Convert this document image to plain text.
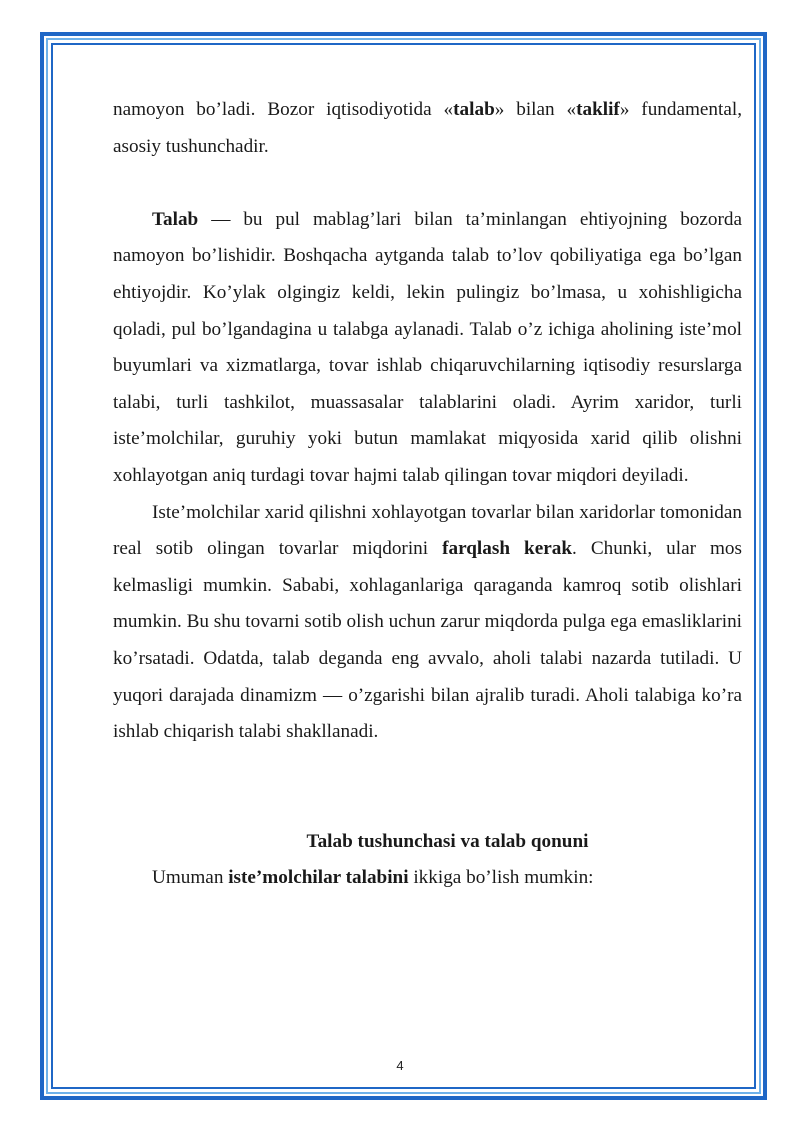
namoyon bo’ladi. Bozor iqtisodiyotida «talab» bilan «taklif» fundamental, asosiy tushunchadir.

Talab — bu pul mablag’lari bilan ta’minlangan ehtiyojning bozorda namoyon bo’lishidir. Boshqacha aytganda talab to’lov qobiliyatiga ega bo’lgan ehtiyojdir. Ko’ylak olgingiz keldi, lekin pulingiz bo’lmasa, u xohishligicha qoladi, pul bo’lgandagina u talabga aylanadi. Talab o’z ichiga aholining iste’mol buyumlari va xizmatlarga, tovar ishlab chiqaruvchilarning iqtisodiy resurslarga talabi, turli tashkilot, muassasalar talablarini oladi. Ayrim xaridor, turli iste’molchilar, guruhiy yoki butun mamlakat miqyosida xarid qilib olishni xohlayotgan aniq turdagi tovar hajmi talab qilingan tovar miqdori deyiladi.

Iste’molchilar xarid qilishni xohlayotgan tovarlar bilan xaridorlar tomonidan real sotib olingan tovarlar miqdorini farqlash kerak. Chunki, ular mos kelmasligi mumkin. Sababi, xohlaganlariga qaraganda kamroq sotib olishlari mumkin. Bu shu tovarni sotib olish uchun zarur miqdorda pulga ega emasliklarini ko’rsatadi. Odatda, talab deganda eng avvalo, aholi talabi nazarda tutiladi. U yuqori darajada dinamizm — o’zgarishi bilan ajralib turadi. Aholi talabiga ko’ra ishlab chiqarish talabi shakllanadi.

Talab tushunchasi va talab qonuni

Umuman iste’molchilar talabini ikkiga bo’lish mumkin:

4
